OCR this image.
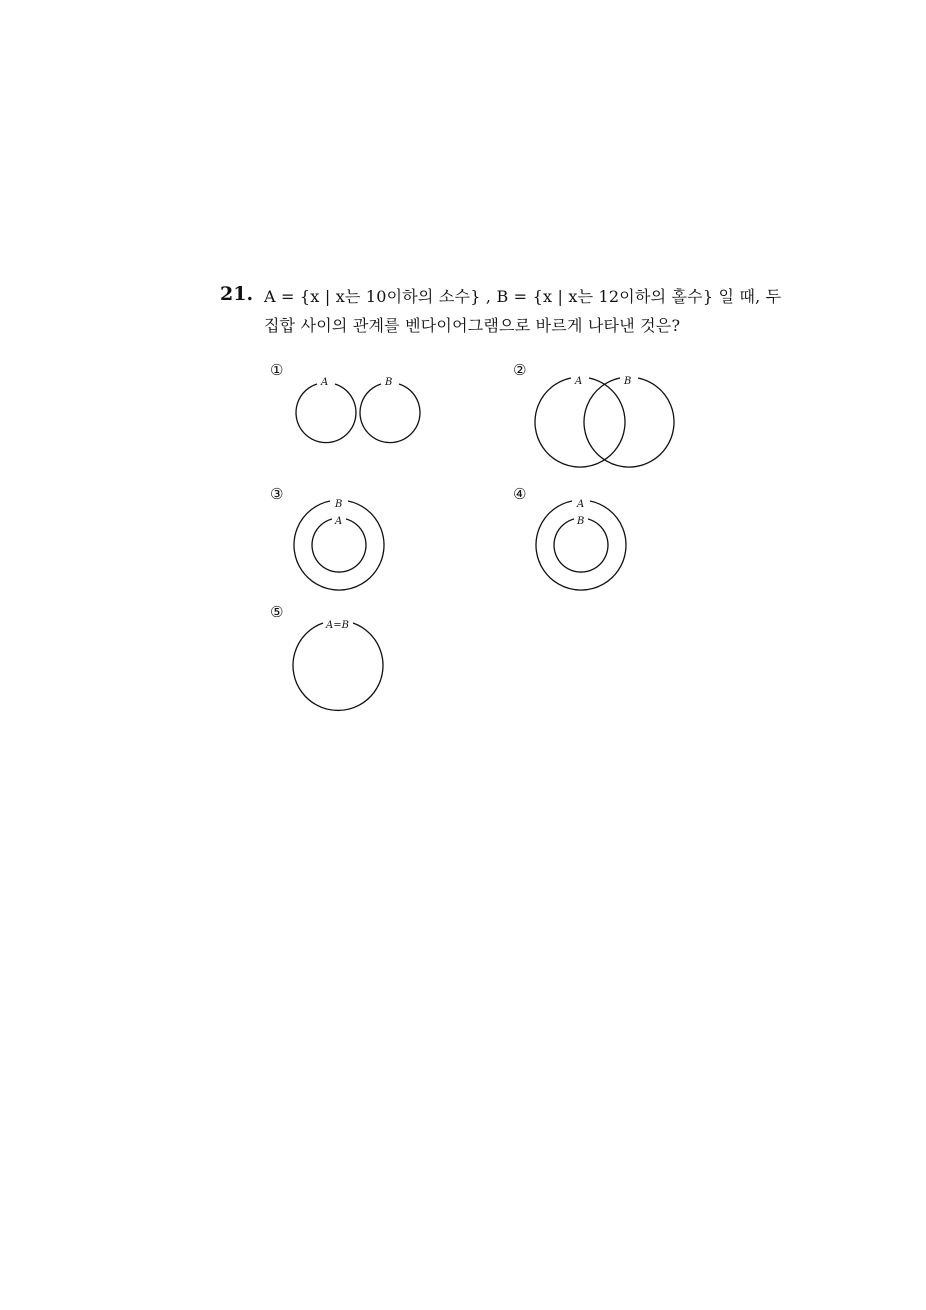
21. A = {x | x는 10이하의 소수} , B = {x | x는 12이하의 홀수} 일 때, 두
집합 사이의 관계를 벤다이어그램으로 바르게 나타낸 것은?
①
A	B
②
A	B
③
B
A
④
A
B
⑤
A=B
